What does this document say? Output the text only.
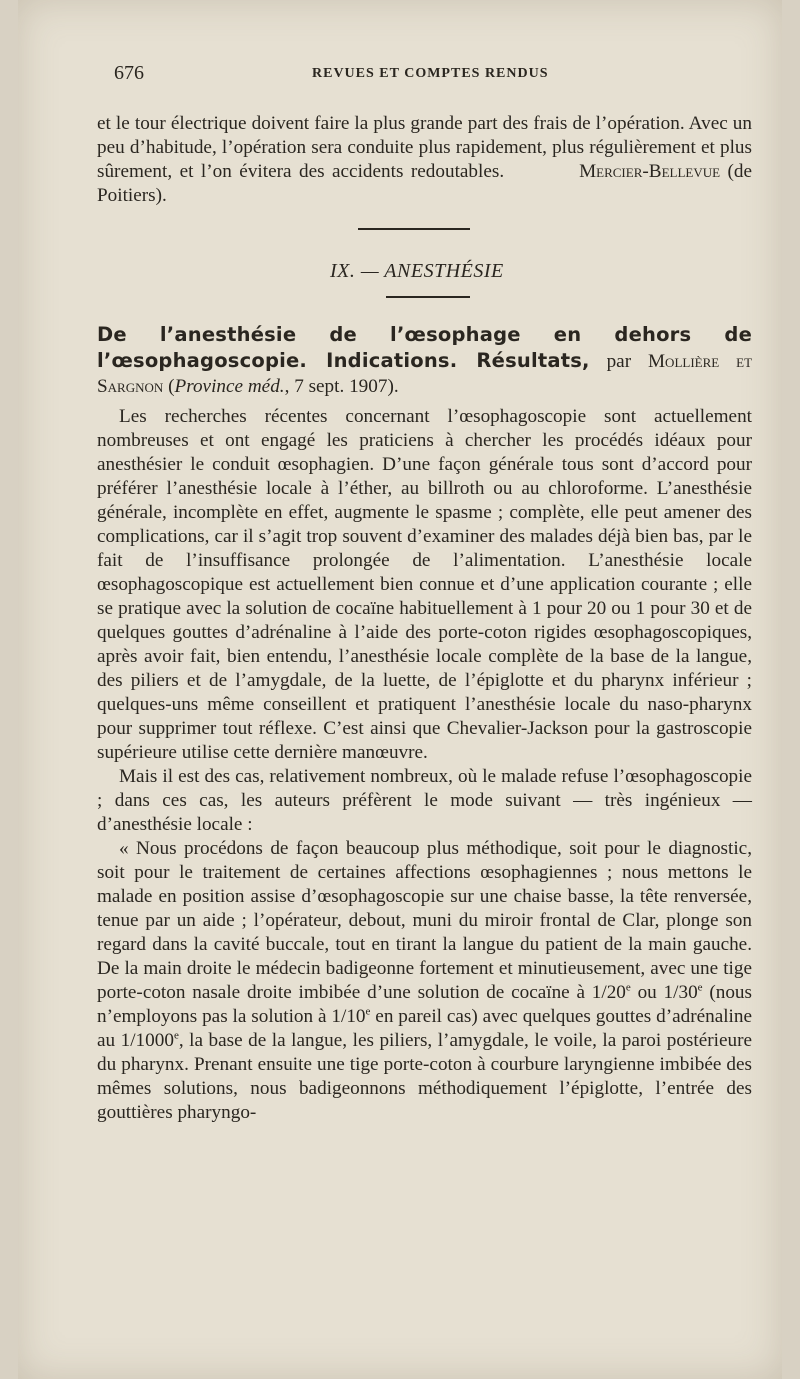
676	REVUES ET COMPTES RENDUS

et le tour électrique doivent faire la plus grande part des frais de l’opération. Avec un peu d’habitude, l’opération sera conduite plus rapidement, plus régulièrement et plus sûrement, et l’on évitera des accidents redoutables.	Mercier-Bellevue (de Poitiers).

IX. — ANESTHÉSIE

De l’anesthésie de l’œsophage en dehors de l’œsophagoscopie. Indications. Résultats, par Mollière et Sargnon (Province méd., 7 sept. 1907).

Les recherches récentes concernant l’œsophagoscopie sont actuellement nombreuses et ont engagé les praticiens à chercher les procédés idéaux pour anesthésier le conduit œsophagien. D’une façon générale tous sont d’accord pour préférer l’anesthésie locale à l’éther, au billroth ou au chloroforme. L’anesthésie générale, incomplète en effet, augmente le spasme ; complète, elle peut amener des complications, car il s’agit trop souvent d’examiner des malades déjà bien bas, par le fait de l’insuffisance prolongée de l’alimentation. L’anesthésie locale œsophagoscopique est actuellement bien connue et d’une application courante ; elle se pratique avec la solution de cocaïne habituellement à 1 pour 20 ou 1 pour 30 et de quelques gouttes d’adrénaline à l’aide des porte-coton rigides œsophagoscopiques, après avoir fait, bien entendu, l’anesthésie locale complète de la base de la langue, des piliers et de l’amygdale, de la luette, de l’épiglotte et du pharynx inférieur ; quelques-uns même conseillent et pratiquent l’anesthésie locale du naso-pharynx pour supprimer tout réflexe. C’est ainsi que Chevalier-Jackson pour la gastroscopie supérieure utilise cette dernière manœuvre.

Mais il est des cas, relativement nombreux, où le malade refuse l’œsophagoscopie ; dans ces cas, les auteurs préfèrent le mode suivant — très ingénieux — d’anesthésie locale :

« Nous procédons de façon beaucoup plus méthodique, soit pour le diagnostic, soit pour le traitement de certaines affections œsophagiennes ; nous mettons le malade en position assise d’œsophagoscopie sur une chaise basse, la tête renversée, tenue par un aide ; l’opérateur, debout, muni du miroir frontal de Clar, plonge son regard dans la cavité buccale, tout en tirant la langue du patient de la main gauche. De la main droite le médecin badigeonne fortement et minutieusement, avec une tige porte-coton nasale droite imbibée d’une solution de cocaïne à 1/20e ou 1/30e (nous n’employons pas la solution à 1/10e en pareil cas) avec quelques gouttes d’adrénaline au 1/1000e, la base de la langue, les piliers, l’amygdale, le voile, la paroi postérieure du pharynx. Prenant ensuite une tige porte-coton à courbure laryngienne imbibée des mêmes solutions, nous badigeonnons méthodiquement l’épiglotte, l’entrée des gouttières pharyngo-
